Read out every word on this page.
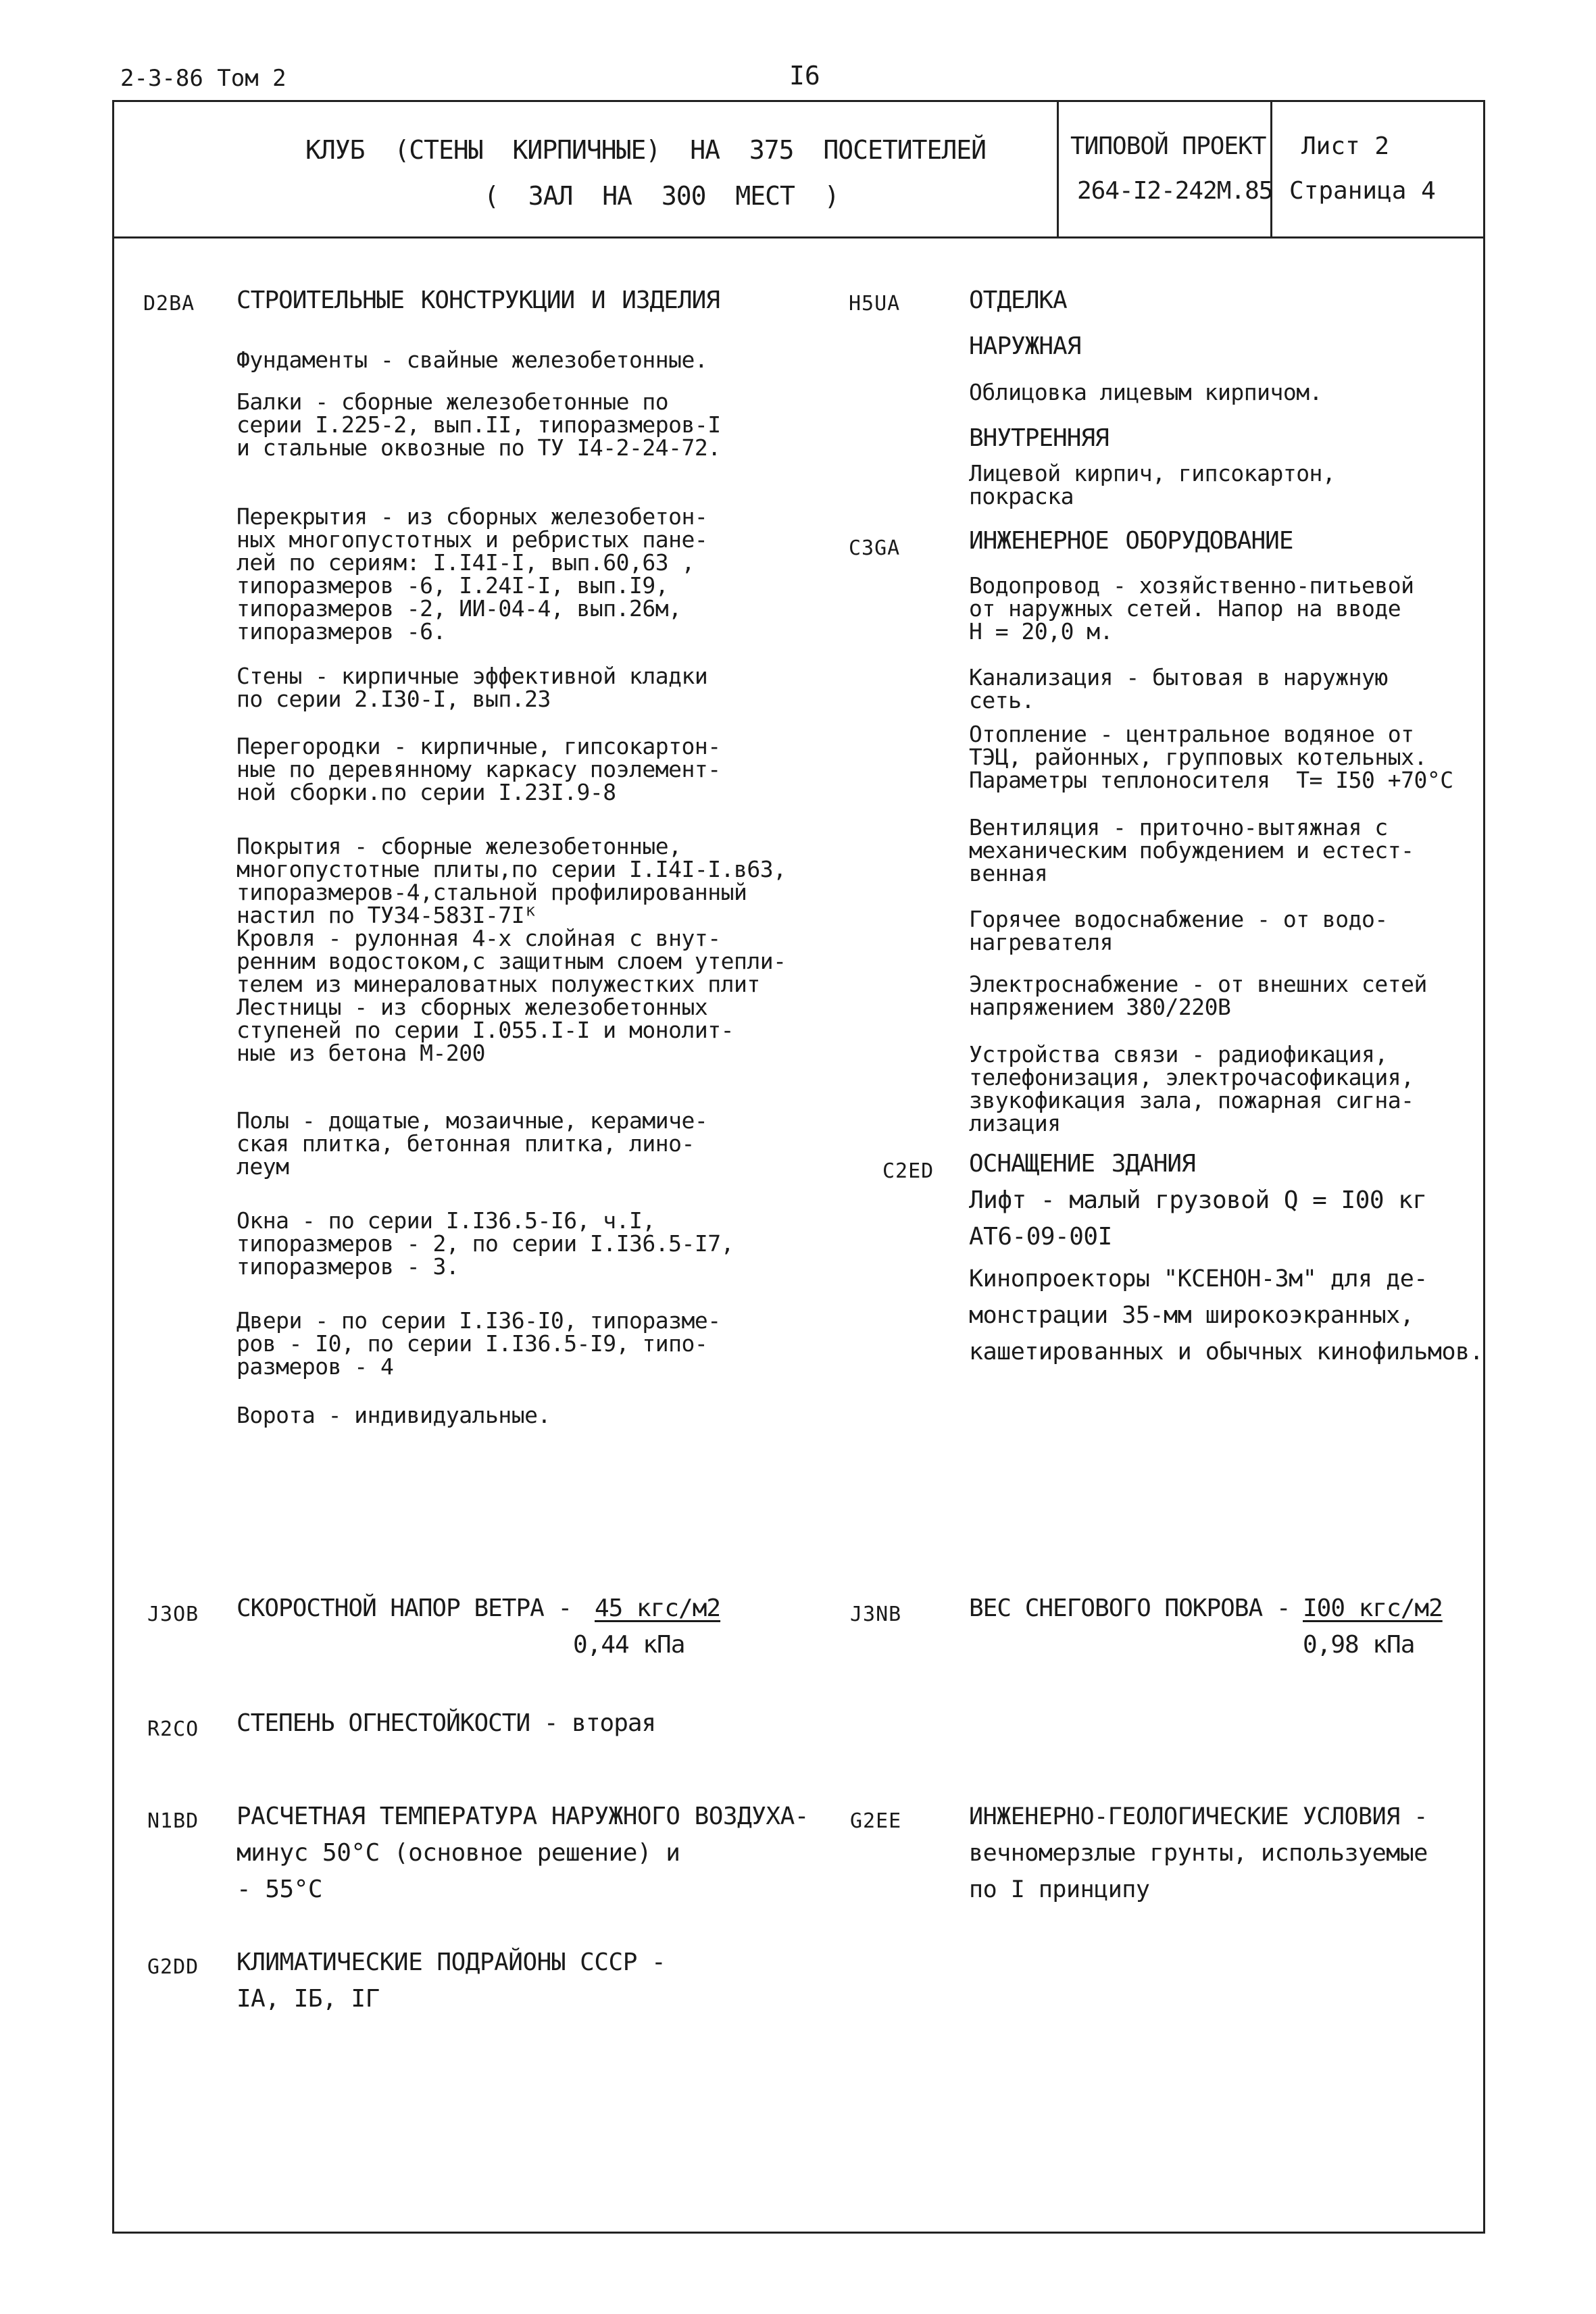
2-3-86 Том 2	I6
КЛУБ (СТЕНЫ КИРПИЧНЫЕ) НА 375 ПОСЕТИТЕЛЕЙ
( ЗАЛ НА 300 МЕСТ )
ТИПОВОЙ ПРОЕКТ
264-I2-242М.85
Лист 2
Страница 4
D2BA СТРОИТЕЛЬНЫЕ КОНСТРУКЦИИ И ИЗДЕЛИЯ
Фундаменты - свайные железобетонные.
Балки - сборные железобетонные по
серии I.225-2, вып.II, типоразмеров-I
и стальные оквозные по ТУ I4-2-24-72.
Перекрытия - из сборных железобетон-
ных многопустотных и ребристых пане-
лей по сериям: I.I4I-I, вып.60,63 ,
типоразмеров -6, I.24I-I, вып.I9,
типоразмеров -2, ИИ-04-4, вып.26м,
типоразмеров -6.
Стены - кирпичные эффективной кладки
по серии 2.I30-I, вып.23
Перегородки - кирпичные, гипсокартон-
ные по деревянному каркасу поэлемент-
ной сборки.по серии I.23I.9-8
Покрытия - сборные железобетонные,
многопустотные плиты,по серии I.I4I-I.в63,
типоразмеров-4,стальной профилированный
настил по ТУ34-583I-7Iᴷ
Кровля - рулонная 4-х слойная с внут-
ренним водостоком,с защитным слоем утепли-
телем из минераловатных полужестких плит
Лестницы - из сборных железобетонных
ступеней по серии I.055.I-I и монолит-
ные из бетона М-200
Полы - дощатые, мозаичные, керамиче-
ская плитка, бетонная плитка, лино-
леум
Окна - по серии I.I36.5-I6, ч.I,
типоразмеров - 2, по серии I.I36.5-I7,
типоразмеров - 3.
Двери - по серии I.I36-I0, типоразме-
ров - I0, по серии I.I36.5-I9, типо-
размеров - 4
Ворота - индивидуальные.
H5UA	ОТДЕЛКА
НАРУЖНАЯ
Облицовка лицевым кирпичом.
ВНУТРЕННЯЯ
Лицевой кирпич, гипсокартон,
покраска
C3GA	ИНЖЕНЕРНОЕ ОБОРУДОВАНИЕ
Водопровод - хозяйственно-питьевой
от наружных сетей. Напор на вводе
Н = 20,0 м.
Канализация - бытовая в наружную
сеть.
Отопление - центральное водяное от
ТЭЦ, районных, групповых котельных.
Параметры теплоносителя  T= I50 +70°C
Вентиляция - приточно-вытяжная с
механическим побуждением и естест-
венная
Горячее водоснабжение - от водо-
нагревателя
Электроснабжение - от внешних сетей
напряжением 380/220В
Устройства связи - радиофикация,
телефонизация, электрочасофикация,
звукофикация зала, пожарная сигна-
лизация
C2ED ОСНАЩЕНИЕ ЗДАНИЯ
Лифт - малый грузовой Q = I00 кг
АТ6-09-00I
Кинопроекторы "КСЕНОН-3м" для де-
монстрации 35-мм широкоэкранных,
кашетированных и обычных кинофильмов.
J3OB СКОРОСТНОЙ НАПОР ВЕТРА - 45 кгс/м2
0,44 кПа
J3NB	ВЕС СНЕГОВОГО ПОКРОВА - I00 кгс/м2
0,98 кПа
R2CO СТЕПЕНЬ ОГНЕСТОЙКОСТИ - вторая
N1BD РАСЧЕТНАЯ ТЕМПЕРАТУРА НАРУЖНОГО ВОЗДУХА-
минус 50°С (основное решение) и
- 55°С
G2EE	ИНЖЕНЕРНО-ГЕОЛОГИЧЕСКИЕ УСЛОВИЯ -
вечномерзлые грунты, используемые
по I принципу
G2DD КЛИМАТИЧЕСКИЕ ПОДРАЙОНЫ СССР -
IА, IБ, IГ
